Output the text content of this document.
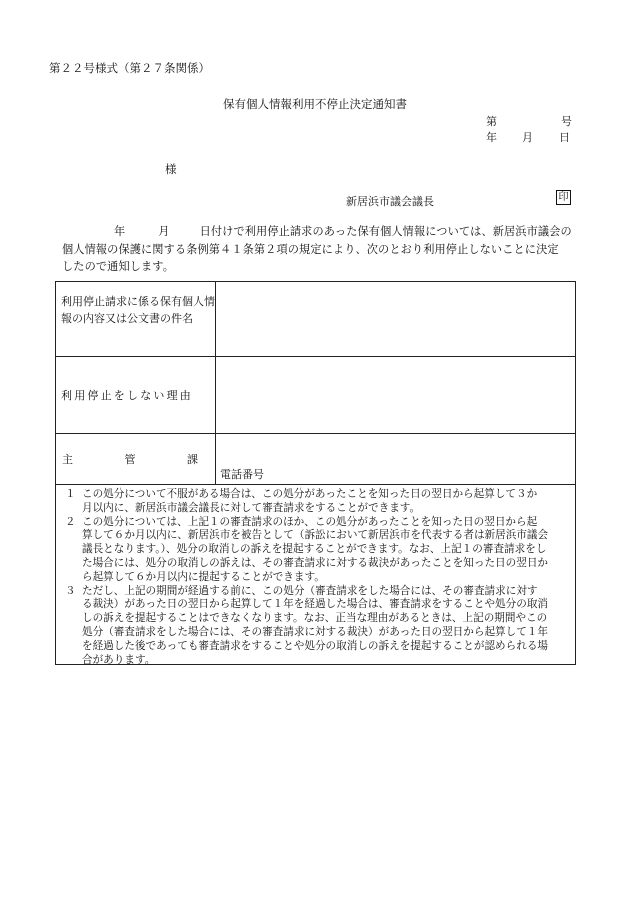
第２２号様式（第２７条関係）
保有個人情報利用不停止決定通知書
第	号
年 月 日
様
新居浜市議会議長	印
年	月	日付けで利用停止請求のあった保有個人情報については、新居浜市議会の
個人情報の保護に関する条例第４１条第２項の規定により、次のとおり利用停止しないことに決定
したので通知します。
利用停止請求に係る保有個人情報の内容又は公文書の件名	
利用停止をしない理由	

主 管 課	電話番号
１ この処分について不服がある場合は、この処分があったことを知った日の翌日から起算して３か
月以内に、新居浜市議会議長に対して審査請求をすることができます。
２ この処分については、上記１の審査請求のほか、この処分があったことを知った日の翌日から起
算して６か月以内に、新居浜市を被告として（訴訟において新居浜市を代表する者は新居浜市議会
議長となります。）、処分の取消しの訴えを提起することができます。なお、上記１の審査請求をし
た場合には、処分の取消しの訴えは、その審査請求に対する裁決があったことを知った日の翌日か
ら起算して６か月以内に提起することができます。
３ ただし、上記の期間が経過する前に、この処分（審査請求をした場合には、その審査請求に対す
る裁決）があった日の翌日から起算して１年を経過した場合は、審査請求をすることや処分の取消
しの訴えを提起することはできなくなります。なお、正当な理由があるときは、上記の期間やこの
処分（審査請求をした場合には、その審査請求に対する裁決）があった日の翌日から起算して１年
を経過した後であっても審査請求をすることや処分の取消しの訴えを提起することが認められる場
合があります。
